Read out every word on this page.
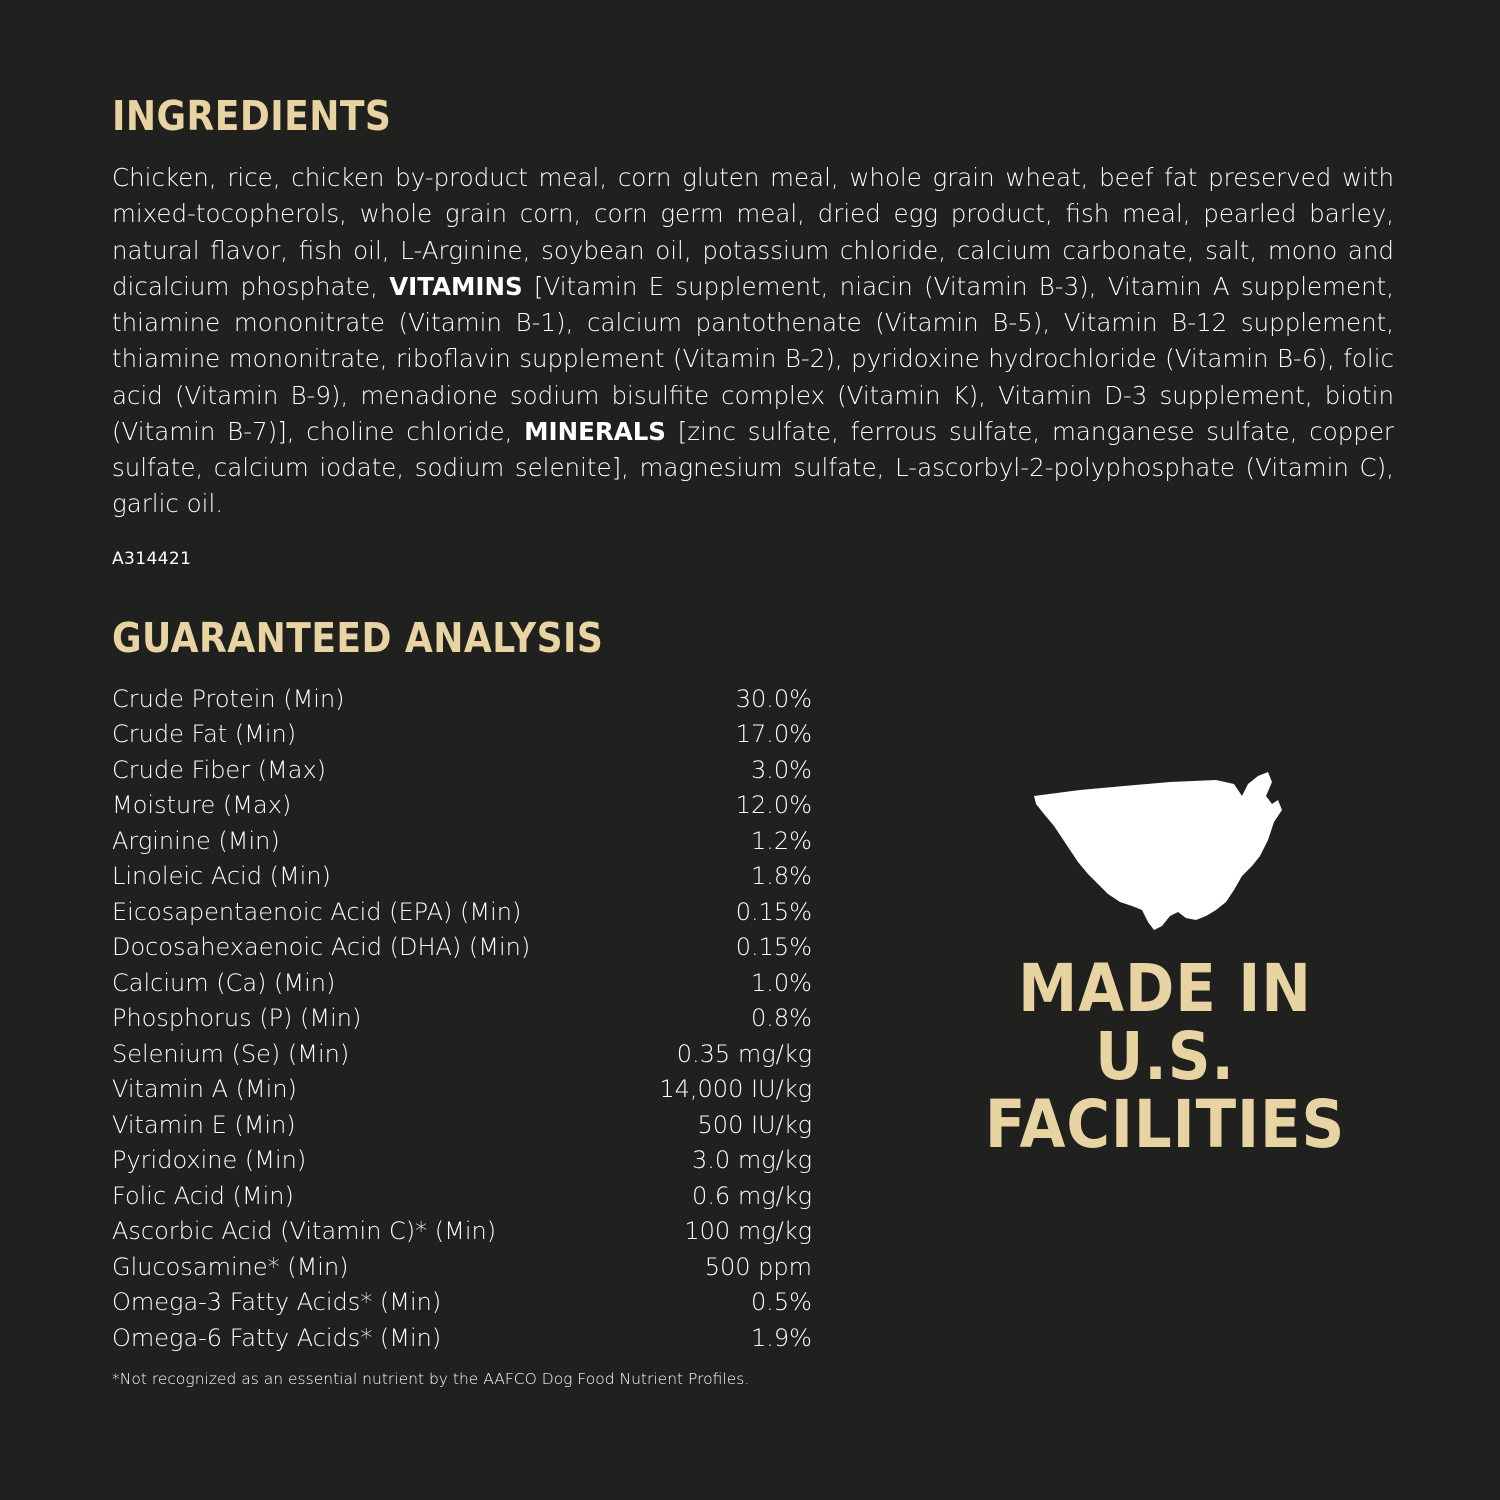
INGREDIENTS

Chicken, rice, chicken by-product meal, corn gluten meal, whole grain wheat, beef fat preserved with mixed-tocopherols, whole grain corn, corn germ meal, dried egg product, fish meal, pearled barley, natural flavor, fish oil, L-Arginine, soybean oil, potassium chloride, calcium carbonate, salt, mono and dicalcium phosphate, VITAMINS [Vitamin E supplement, niacin (Vitamin B-3), Vitamin A supplement, thiamine mononitrate (Vitamin B-1), calcium pantothenate (Vitamin B-5), Vitamin B-12 supplement, thiamine mononitrate, riboflavin supplement (Vitamin B-2), pyridoxine hydrochloride (Vitamin B-6), folic acid (Vitamin B-9), menadione sodium bisulfite complex (Vitamin K), Vitamin D-3 supplement, biotin (Vitamin B-7)], choline chloride, MINERALS [zinc sulfate, ferrous sulfate, manganese sulfate, copper sulfate, calcium iodate, sodium selenite], magnesium sulfate, L-ascorbyl-2-polyphosphate (Vitamin C), garlic oil.

A314421

GUARANTEED ANALYSIS
Crude Protein (Min)	30.0%
Crude Fat (Min)	17.0%
Crude Fiber (Max)	3.0%
Moisture (Max)	12.0%
Arginine (Min)	1.2%
Linoleic Acid (Min)	1.8%
Eicosapentaenoic Acid (EPA) (Min)	0.15%
Docosahexaenoic Acid (DHA) (Min)	0.15%
Calcium (Ca) (Min)	1.0%
Phosphorus (P) (Min)	0.8%
Selenium (Se) (Min)	0.35 mg/kg
Vitamin A (Min)	14,000 IU/kg
Vitamin E (Min)	500 IU/kg
Pyridoxine (Min)	3.0 mg/kg
Folic Acid (Min)	0.6 mg/kg
Ascorbic Acid (Vitamin C)* (Min)	100 mg/kg
Glucosamine* (Min)	500 ppm
Omega-3 Fatty Acids* (Min)	0.5%
Omega-6 Fatty Acids* (Min)	1.9%

*Not recognized as an essential nutrient by the AAFCO Dog Food Nutrient Profiles.

MADE IN
U.S.
FACILITIES
